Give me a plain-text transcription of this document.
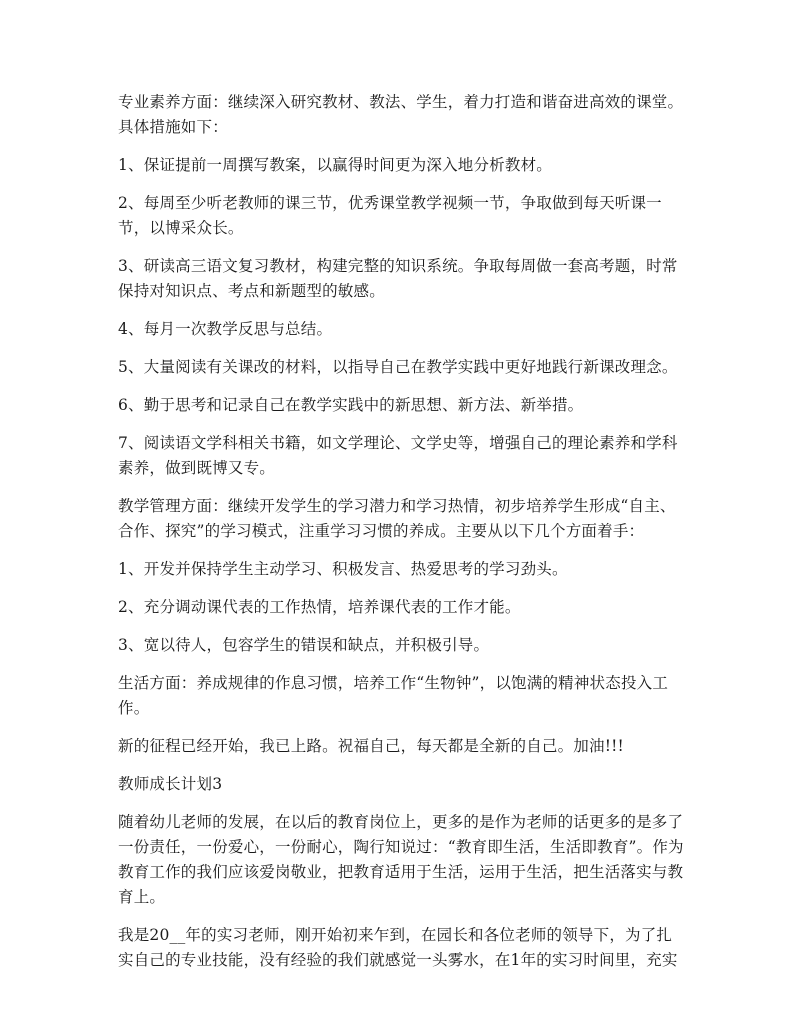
专业素养方面：继续深入研究教材、教法、学生，着力打造和谐奋进高效的课堂。具体措施如下：

1、保证提前一周撰写教案，以赢得时间更为深入地分析教材。

2、每周至少听老教师的课三节，优秀课堂教学视频一节，争取做到每天听课一节，以博采众长。

3、研读高三语文复习教材，构建完整的知识系统。争取每周做一套高考题，时常保持对知识点、考点和新题型的敏感。

4、每月一次教学反思与总结。

5、大量阅读有关课改的材料，以指导自己在教学实践中更好地践行新课改理念。

6、勤于思考和记录自己在教学实践中的新思想、新方法、新举措。

7、阅读语文学科相关书籍，如文学理论、文学史等，增强自己的理论素养和学科素养，做到既博又专。

教学管理方面：继续开发学生的学习潜力和学习热情，初步培养学生形成“自主、合作、探究”的学习模式，注重学习习惯的养成。主要从以下几个方面着手：

1、开发并保持学生主动学习、积极发言、热爱思考的学习劲头。

2、充分调动课代表的工作热情，培养课代表的工作才能。

3、宽以待人，包容学生的错误和缺点，并积极引导。

生活方面：养成规律的作息习惯，培养工作“生物钟”，以饱满的精神状态投入工作。

新的征程已经开始，我已上路。祝福自己，每天都是全新的自己。加油!!!

教师成长计划3

随着幼儿老师的发展，在以后的教育岗位上，更多的是作为老师的话更多的是多了一份责任，一份爱心，一份耐心，陶行知说过：“教育即生活，生活即教育”。作为教育工作的我们应该爱岗敬业，把教育适用于生活，运用于生活，把生活落实与教育上。

我是20__年的实习老师，刚开始初来乍到，在园长和各位老师的领导下，为了扎实自己的专业技能，没有经验的我们就感觉一头雾水，在1年的实习时间里，充实
